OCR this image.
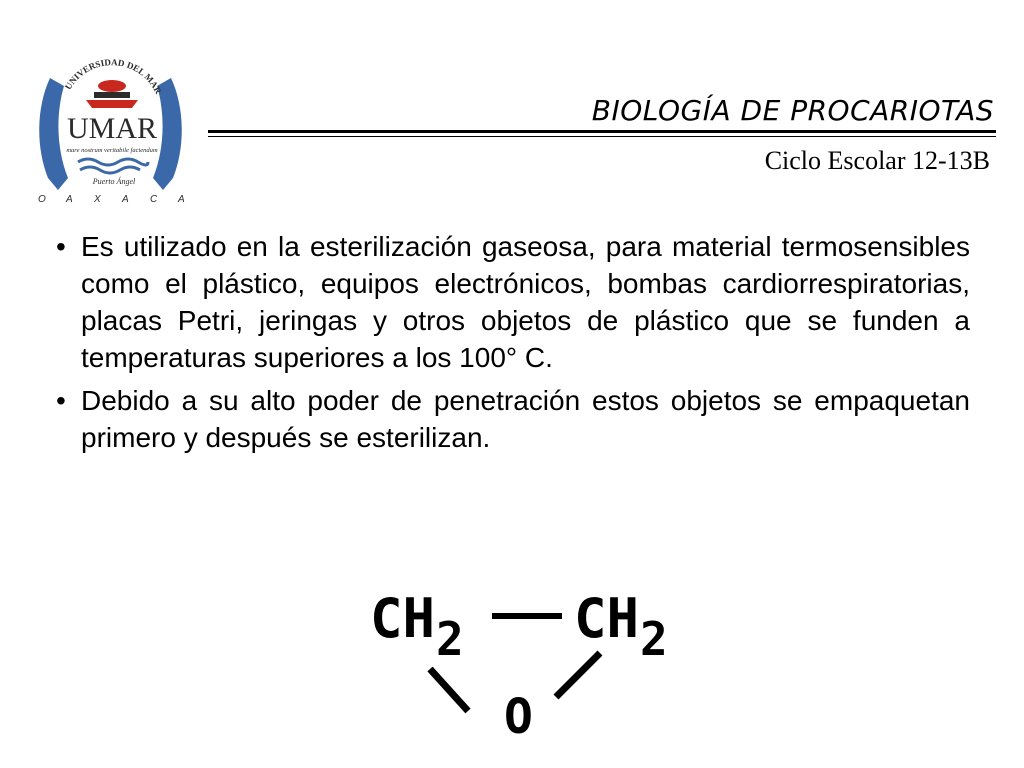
UNIVERSIDAD DEL MAR
UMAR
mare nostrum veritabile faciendum
Puerto Ángel
O A X A C A
BIOLOGÍA DE PROCARIOTAS
Ciclo Escolar 12-13B
• Es utilizado en la esterilización gaseosa, para material termosensibles como el plástico, equipos electrónicos, bombas cardiorrespiratorias, placas Petri, jeringas y otros objetos de plástico que se funden a temperaturas superiores a los 100° C.
• Debido a su alto poder de penetración estos objetos se empaquetan primero y después se esterilizan.
CH 2 CH 2
O
